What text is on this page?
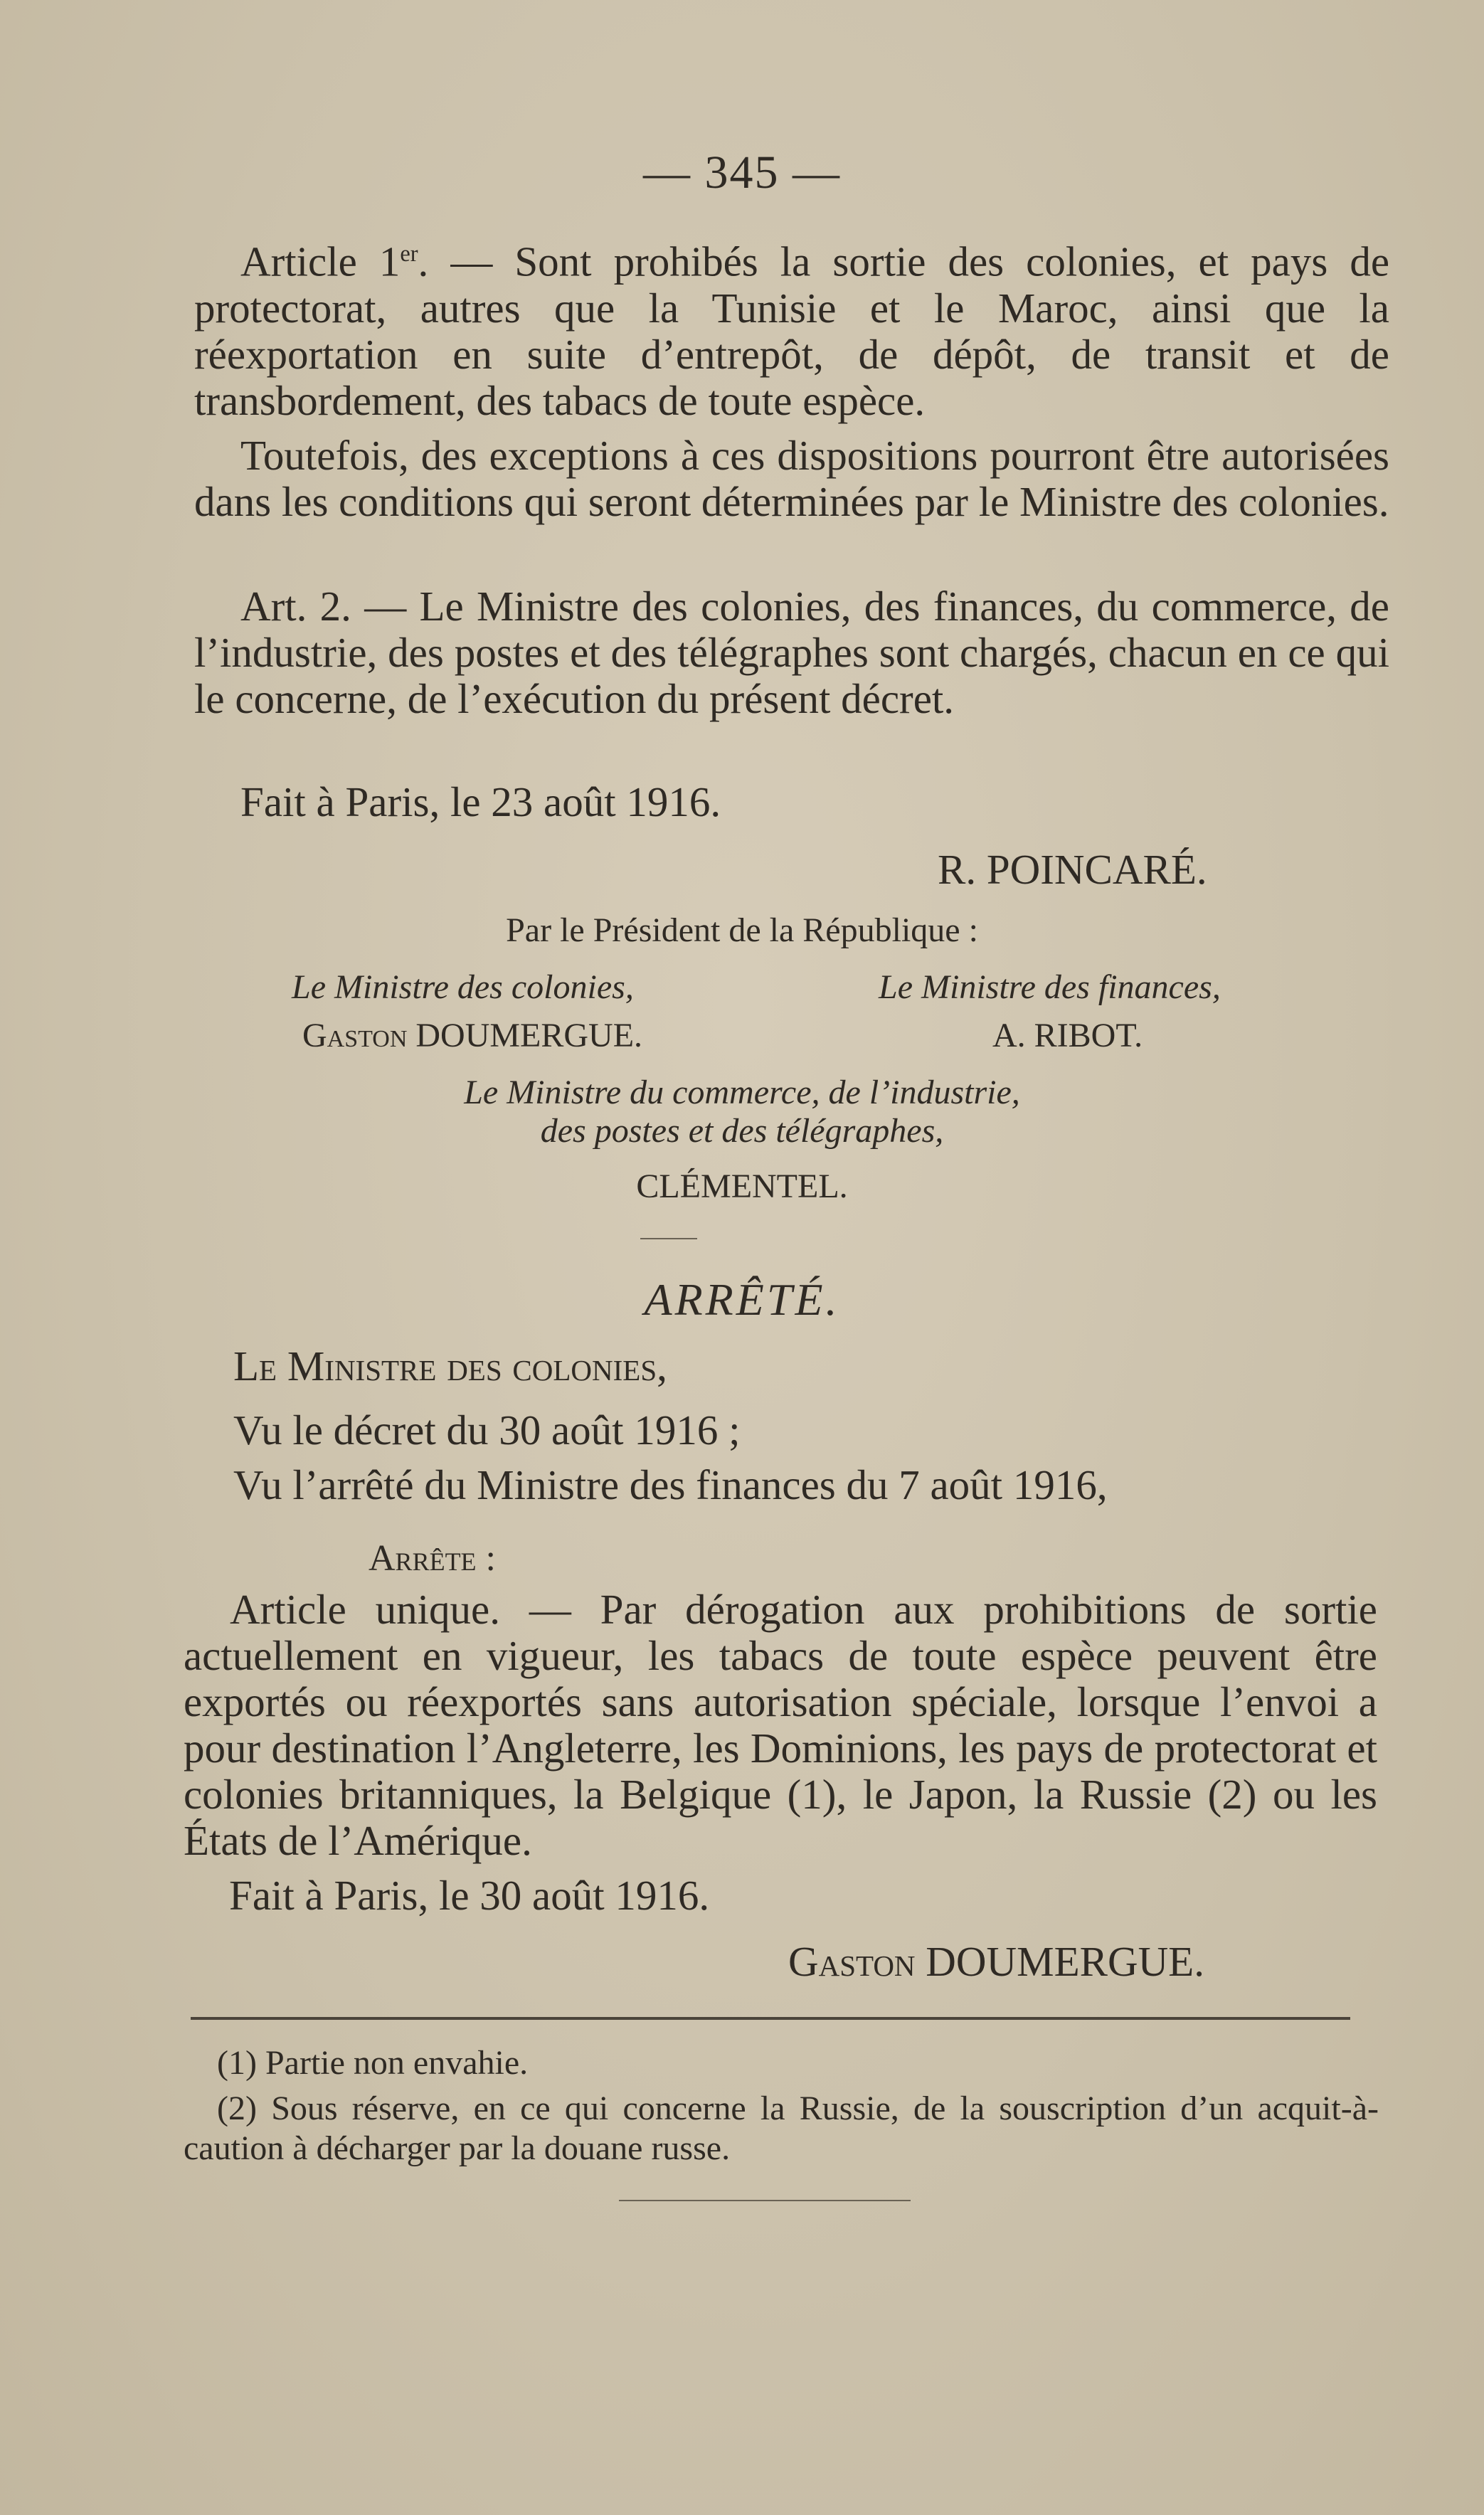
— 345 —
Article 1er. — Sont prohibés la sortie des colonies, et pays de protectorat, autres que la Tunisie et le Maroc, ainsi que la réexportation en suite d’entrepôt, de dépôt, de transit et de transbordement, des tabacs de toute espèce.
Toutefois, des exceptions à ces dispositions pourront être autorisées dans les conditions qui seront déterminées par le Ministre des colonies.
Art. 2. — Le Ministre des colonies, des finances, du commerce, de l’industrie, des postes et des télégraphes sont chargés, chacun en ce qui le concerne, de l’exécution du présent décret.
Fait à Paris, le 23 août 1916.
R. POINCARÉ.
Par le Président de la République :
Le Ministre des colonies,
Gaston DOUMERGUE.
Le Ministre des finances,
A. RIBOT.
Le Ministre du commerce, de l’industrie,
des postes et des télégraphes,
CLÉMENTEL.
ARRÊTÉ.
Le Ministre des colonies,
Vu le décret du 30 août 1916 ;
Vu l’arrêté du Ministre des finances du 7 août 1916,
Arrête :
Article unique. — Par dérogation aux prohibitions de sortie actuellement en vigueur, les tabacs de toute espèce peuvent être exportés ou réexportés sans autorisation spéciale, lorsque l’envoi a pour destination l’Angleterre, les Dominions, les pays de protectorat et colonies britanniques, la Belgique (1), le Japon, la Russie (2) ou les États de l’Amérique.
Fait à Paris, le 30 août 1916.
Gaston DOUMERGUE.
(1) Partie non envahie.
(2) Sous réserve, en ce qui concerne la Russie, de la souscription d’un acquit-à-caution à décharger par la douane russe.
